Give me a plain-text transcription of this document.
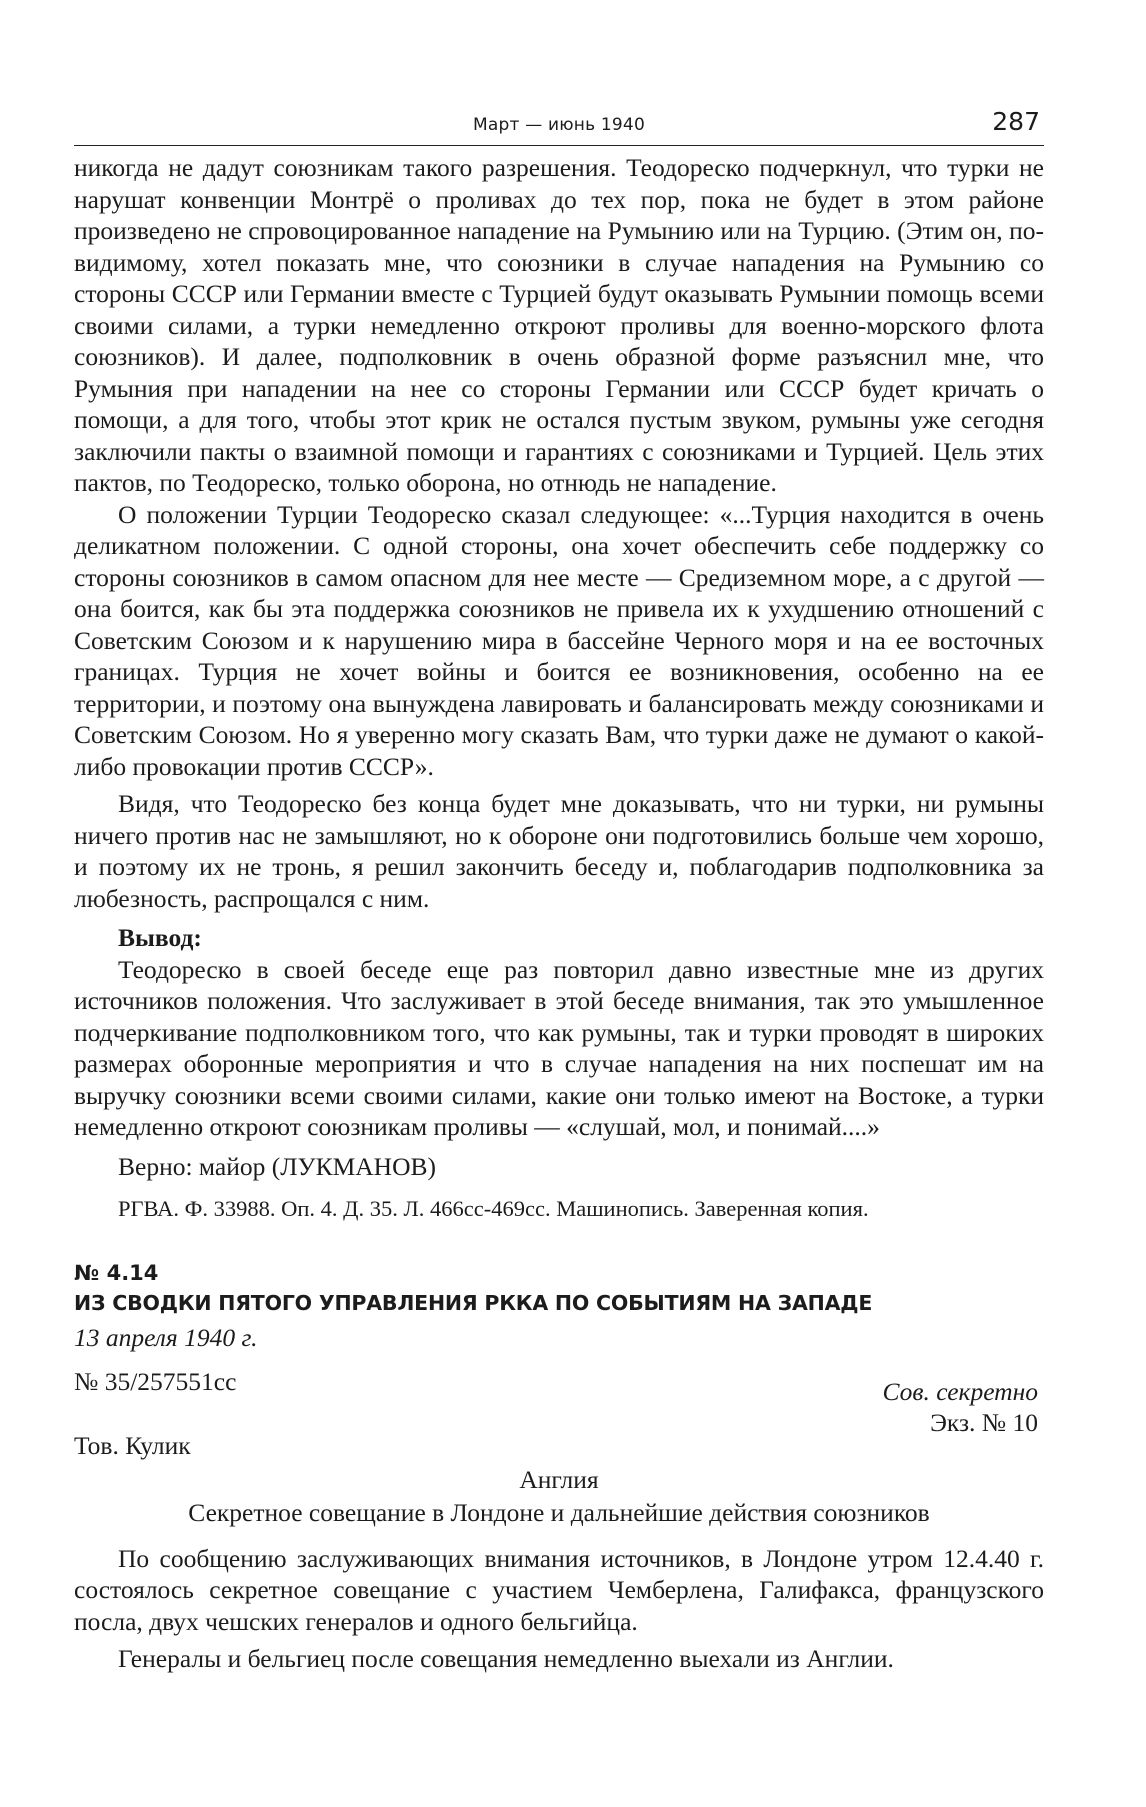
Март — июнь 1940	287

никогда не дадут союзникам такого разрешения. Теодореско подчеркнул, что турки не нарушат конвенции Монтрё о проливах до тех пор, пока не будет в этом районе произведено не спровоцированное нападение на Румынию или на Турцию. (Этим он, по-видимому, хотел показать мне, что союзники в случае нападения на Румынию со стороны СССР или Германии вместе с Турцией будут оказывать Румынии помощь всеми своими силами, а турки немедленно откроют проливы для военно-морского флота союзников). И далее, подполковник в очень образной форме разъяснил мне, что Румыния при нападении на нее со стороны Германии или СССР будет кричать о помощи, а для того, чтобы этот крик не остался пустым звуком, румыны уже сегодня заключили пакты о взаимной помощи и гарантиях с союзниками и Турцией. Цель этих пактов, по Теодореско, только оборона, но отнюдь не нападение.

О положении Турции Теодореско сказал следующее: «...Турция находится в очень деликатном положении. С одной стороны, она хочет обеспечить себе поддержку со стороны союзников в самом опасном для нее месте — Средиземном море, а с другой — она боится, как бы эта поддержка союзников не привела их к ухудшению отношений с Советским Союзом и к нарушению мира в бассейне Черного моря и на ее восточных границах. Турция не хочет войны и боится ее возникновения, особенно на ее территории, и поэтому она вынуждена лавировать и балансировать между союзниками и Советским Союзом. Но я уверенно могу сказать Вам, что турки даже не думают о какой-либо провокации против СССР».

Видя, что Теодореско без конца будет мне доказывать, что ни турки, ни румыны ничего против нас не замышляют, но к обороне они подготовились больше чем хорошо, и поэтому их не тронь, я решил закончить беседу и, поблагодарив подполковника за любезность, распрощался с ним.

Вывод:

Теодореско в своей беседе еще раз повторил давно известные мне из других источников положения. Что заслуживает в этой беседе внимания, так это умышленное подчеркивание подполковником того, что как румыны, так и турки проводят в широких размерах оборонные мероприятия и что в случае нападения на них поспешат им на выручку союзники всеми своими силами, какие они только имеют на Востоке, а турки немедленно откроют союзникам проливы — «слушай, мол, и понимай....»

Верно: майор (ЛУКМАНОВ)
РГВА. Ф. 33988. Оп. 4. Д. 35. Л. 466сс-469сс. Машинопись. Заверенная копия.
№ 4.14
ИЗ СВОДКИ ПЯТОГО УПРАВЛЕНИЯ РККА ПО СОБЫТИЯМ НА ЗАПАДЕ
13 апреля 1940 г.
№ 35/257551сс	Сов. секретно
Экз. № 10
Тов. Кулик
Англия
Секретное совещание в Лондоне и дальнейшие действия союзников

По сообщению заслуживающих внимания источников, в Лондоне утром 12.4.40 г. состоялось секретное совещание с участием Чемберлена, Галифакса, французского посла, двух чешских генералов и одного бельгийца.

Генералы и бельгиец после совещания немедленно выехали из Англии.
